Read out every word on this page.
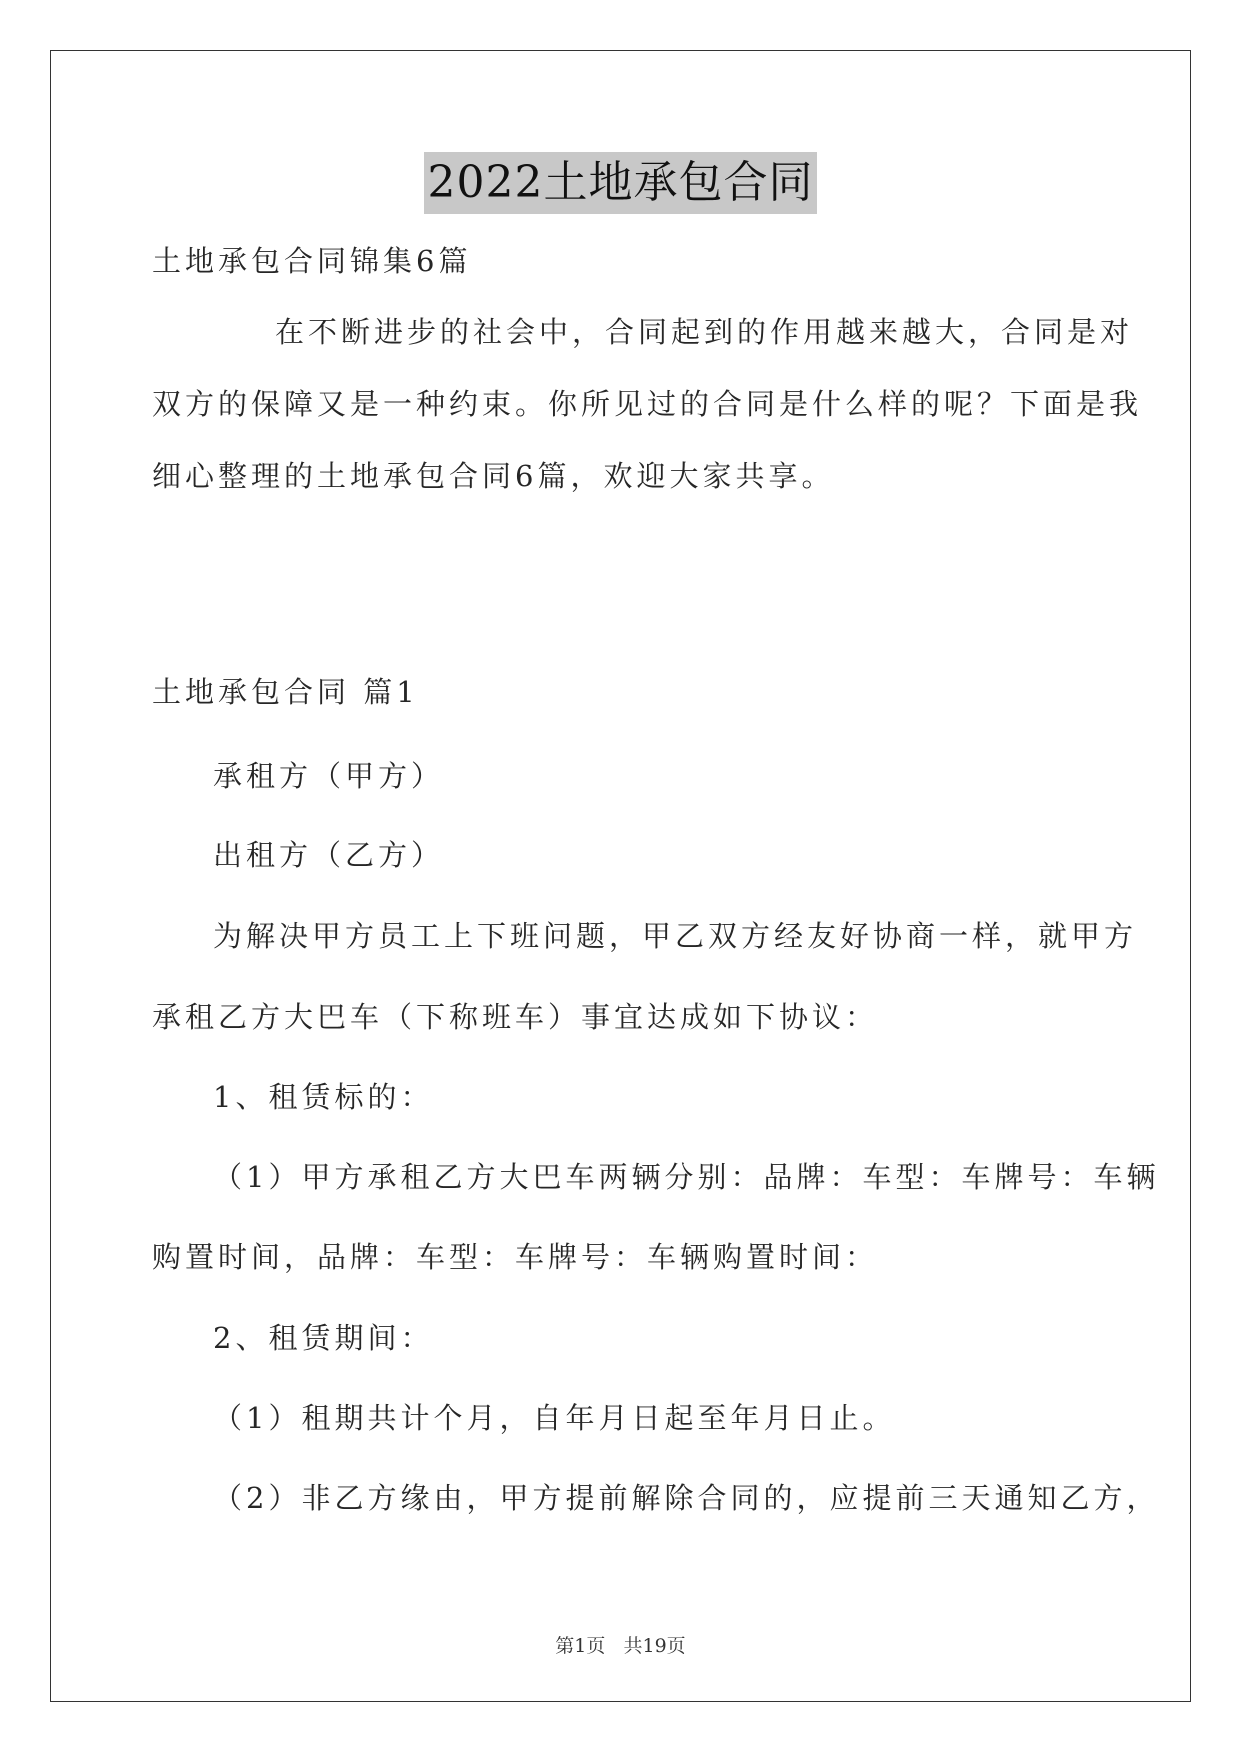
2022土地承包合同
土地承包合同锦集6篇
在不断进步的社会中，合同起到的作用越来越大，合同是对
双方的保障又是一种约束。你所见过的合同是什么样的呢？下面是我
细心整理的土地承包合同6篇，欢迎大家共享。
土地承包合同 篇1
承租方（甲方）
出租方（乙方）
为解决甲方员工上下班问题，甲乙双方经友好协商一样，就甲方
承租乙方大巴车（下称班车）事宜达成如下协议：
1、租赁标的：
（1）甲方承租乙方大巴车两辆分别：品牌：车型：车牌号：车辆
购置时间，品牌：车型：车牌号：车辆购置时间：
2、租赁期间：
（1）租期共计个月，自年月日起至年月日止。
（2）非乙方缘由，甲方提前解除合同的，应提前三天通知乙方，
第1页   共19页
